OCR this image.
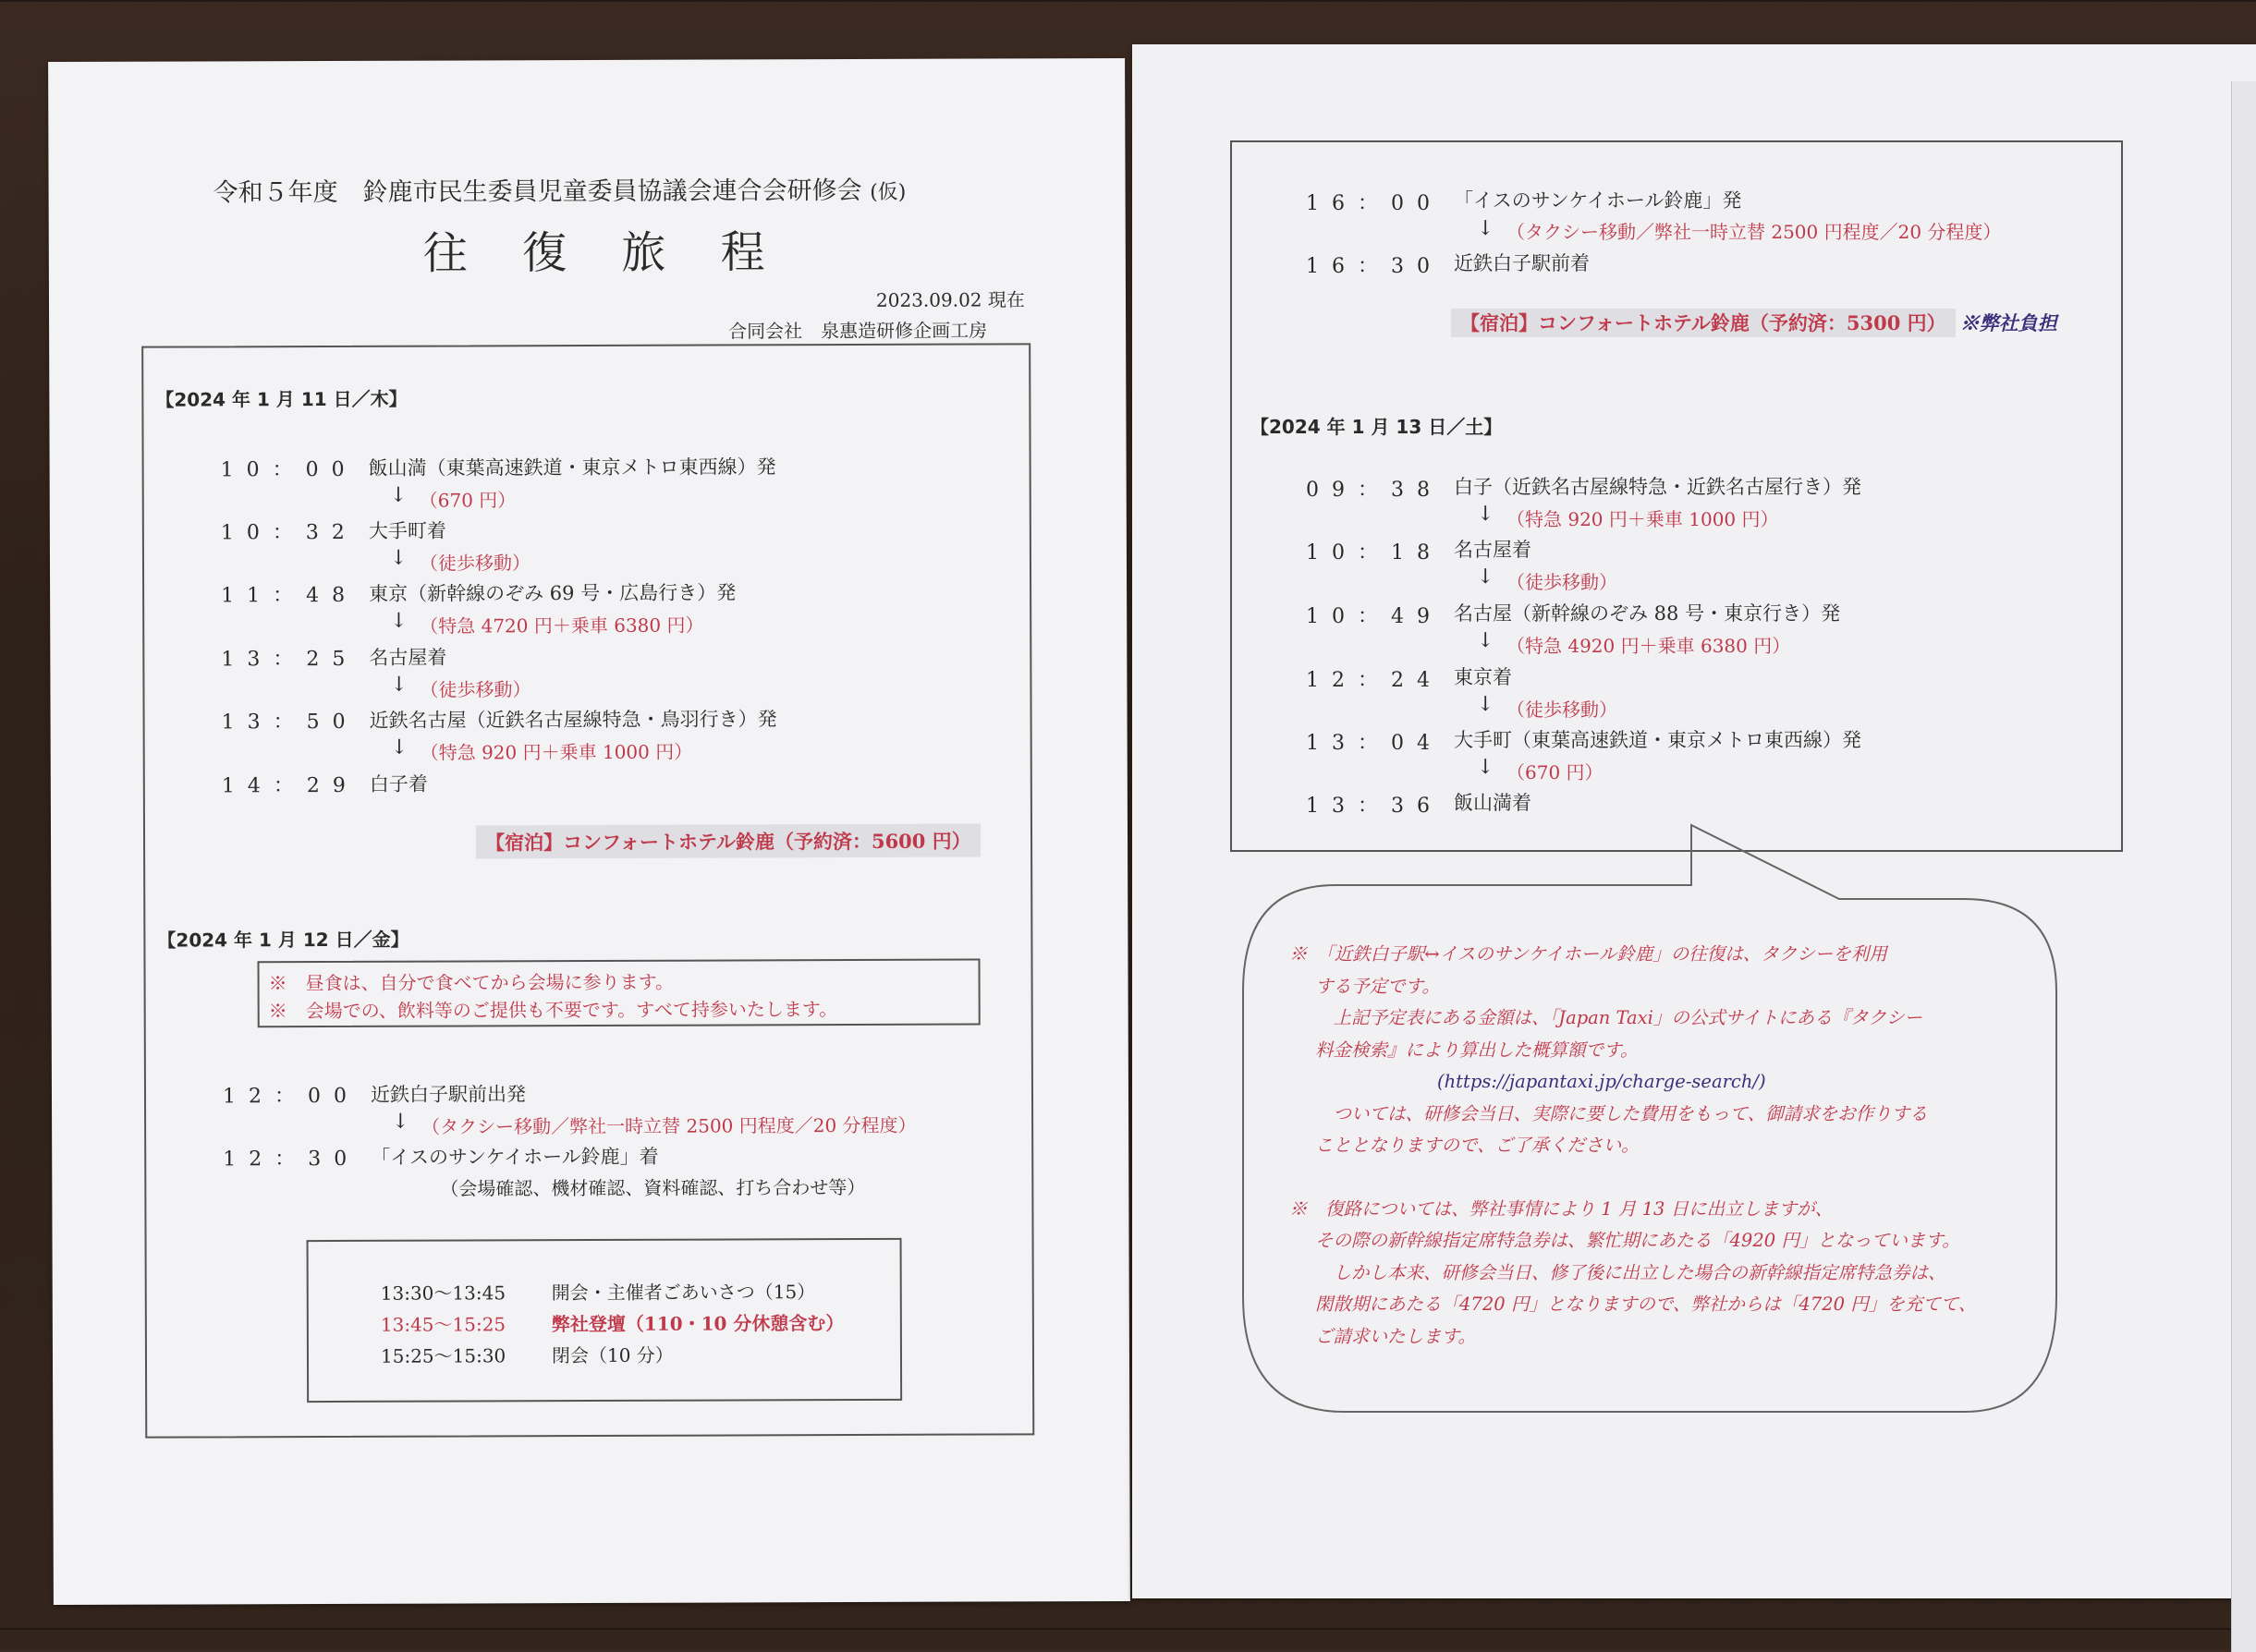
令和５年度　鈴鹿市民生委員児童委員協議会連合会研修会 (仮)
往 復 旅 程
2023.09.02 現在
合同会社　泉惠造研修企画工房
【2024 年 1 月 11 日／木】
10：00 飯山満（東葉高速鉄道・東京メトロ東西線）発
↓ （670 円）
10：32 大手町着
↓ （徒歩移動）
11：48 東京（新幹線のぞみ 69 号・広島行き）発
↓ （特急 4720 円＋乗車 6380 円）
13：25 名古屋着
↓ （徒歩移動）
13：50 近鉄名古屋（近鉄名古屋線特急・鳥羽行き）発
↓ （特急 920 円＋乗車 1000 円）
14：29 白子着
【宿泊】コンフォートホテル鈴鹿（予約済：5600 円）
【2024 年 1 月 12 日／金】
※　昼食は、自分で食べてから会場に参ります。
※　会場での、飲料等のご提供も不要です。すべて持参いたします。
12：00 近鉄白子駅前出発
↓ （タクシー移動／弊社一時立替 2500 円程度／20 分程度）
12：30 「イスのサンケイホール鈴鹿」着
（会場確認、機材確認、資料確認、打ち合わせ等）
13:30〜13:45 開会・主催者ごあいさつ（15）
13:45〜15:25 弊社登壇（110・10 分休憩含む）
15:25〜15:30 閉会（10 分）
16：00 「イスのサンケイホール鈴鹿」発
↓ （タクシー移動／弊社一時立替 2500 円程度／20 分程度）
16：30 近鉄白子駅前着
【宿泊】コンフォートホテル鈴鹿（予約済：5300 円） ※弊社負担
【2024 年 1 月 13 日／土】
09：38 白子（近鉄名古屋線特急・近鉄名古屋行き）発
↓ （特急 920 円＋乗車 1000 円）
10：18 名古屋着
↓ （徒歩移動）
10：49 名古屋（新幹線のぞみ 88 号・東京行き）発
↓ （特急 4920 円＋乗車 6380 円）
12：24 東京着
↓ （徒歩移動）
13：04 大手町（東葉高速鉄道・東京メトロ東西線）発
↓ （670 円）
13：36 飯山満着
※　「近鉄白子駅↔イスのサンケイホール鈴鹿」の往復は、タクシーを利用
する予定です。
　上記予定表にある金額は、「Japan Taxi」の公式サイトにある『タクシー
料金検索』により算出した概算額です。
(https://japantaxi.jp/charge-search/)
　ついては、研修会当日、実際に要した費用をもって、御請求をお作りする
こととなりますので、ご了承ください。
※　復路については、弊社事情により 1 月 13 日に出立しますが、
その際の新幹線指定席特急券は、繁忙期にあたる「4920 円」となっています。
　しかし本来、研修会当日、修了後に出立した場合の新幹線指定席特急券は、
閑散期にあたる「4720 円」となりますので、弊社からは「4720 円」を充てて、
ご請求いたします。
